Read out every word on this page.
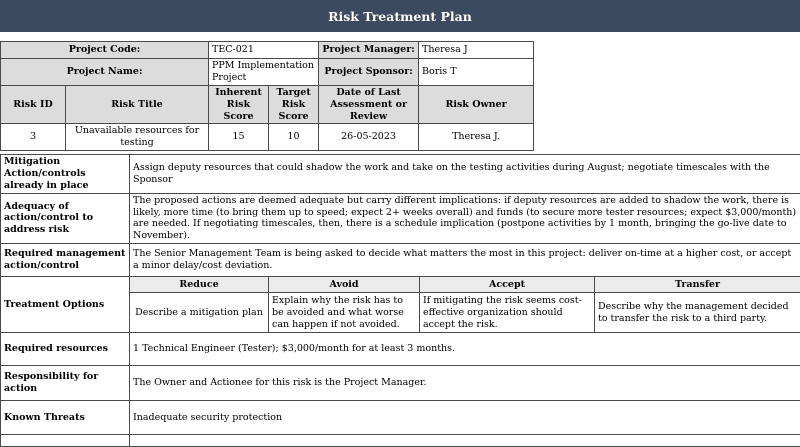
Risk Treatment Plan
Project Code:		TEC-021		Project Manager:	Theresa J
Project Name:		PPM Implementation Project		Project Sponsor:	Boris T
Risk ID	Risk Title	Inherent Risk Score	Target Risk Score	Date of Last Assessment or Review	Risk Owner
3	Unavailable resources for testing	15	10	26-05-2023	Theresa J.
Mitigation Action/controls already in place	Assign deputy resources that could shadow the work and take on the testing activities during August; negotiate timescales with the Sponsor			
Adequacy of action/control to address risk	The proposed actions are deemed adequate but carry different implications: if deputy resources are added to shadow the work, there is likely, more time (to bring them up to speed; expect 2+ weeks overall) and funds (to secure more tester resources; expect $3,000/month) are needed. If negotiating timescales, then, there is a schedule implication (postpone activities by 1 month, bringing the go-live date to November).			
Required management action/control	The Senior Management Team is being asked to decide what matters the most in this project: deliver on-time at a higher cost, or accept a minor delay/cost deviation.			
Treatment Options	Reduce	Avoid	Accept	Transfer
	Describe a mitigation plan	Explain why the risk has to be avoided and what worse can happen if not avoided.	If mitigating the risk seems cost-effective organization should accept the risk.	Describe why the management decided to transfer the risk to a third party.
Required resources	1 Technical Engineer (Tester); $3,000/month for at least 3 months.			
Responsibility for action	The Owner and Actionee for this risk is the Project Manager.			
Known Threats	Inadequate security protection			
